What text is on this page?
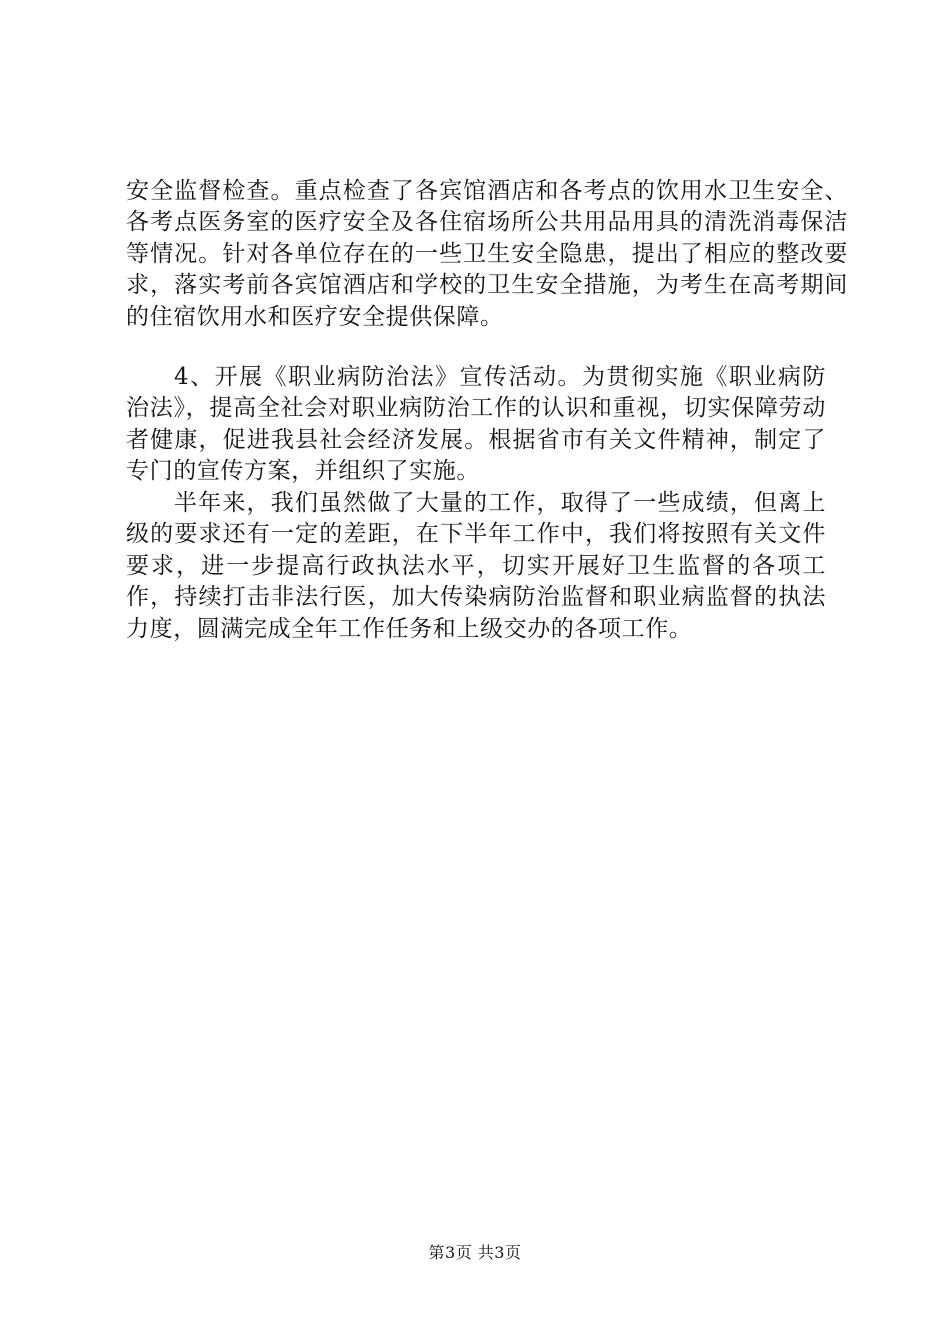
安全监督检查。重点检查了各宾馆酒店和各考点的饮用水卫生安全、各考点医务室的医疗安全及各住宿场所公共用品用具的清洗消毒保洁等情况。针对各单位存在的一些卫生安全隐患，提出了相应的整改要求，落实考前各宾馆酒店和学校的卫生安全措施，为考生在高考期间的住宿饮用水和医疗安全提供保障。

4、开展《职业病防治法》宣传活动。为贯彻实施《职业病防治法》，提高全社会对职业病防治工作的认识和重视，切实保障劳动者健康，促进我县社会经济发展。根据省市有关文件精神，制定了专门的宣传方案，并组织了实施。

半年来，我们虽然做了大量的工作，取得了一些成绩，但离上级的要求还有一定的差距，在下半年工作中，我们将按照有关文件要求，进一步提高行政执法水平，切实开展好卫生监督的各项工作，持续打击非法行医，加大传染病防治监督和职业病监督的执法力度，圆满完成全年工作任务和上级交办的各项工作。

第3页 共3页
